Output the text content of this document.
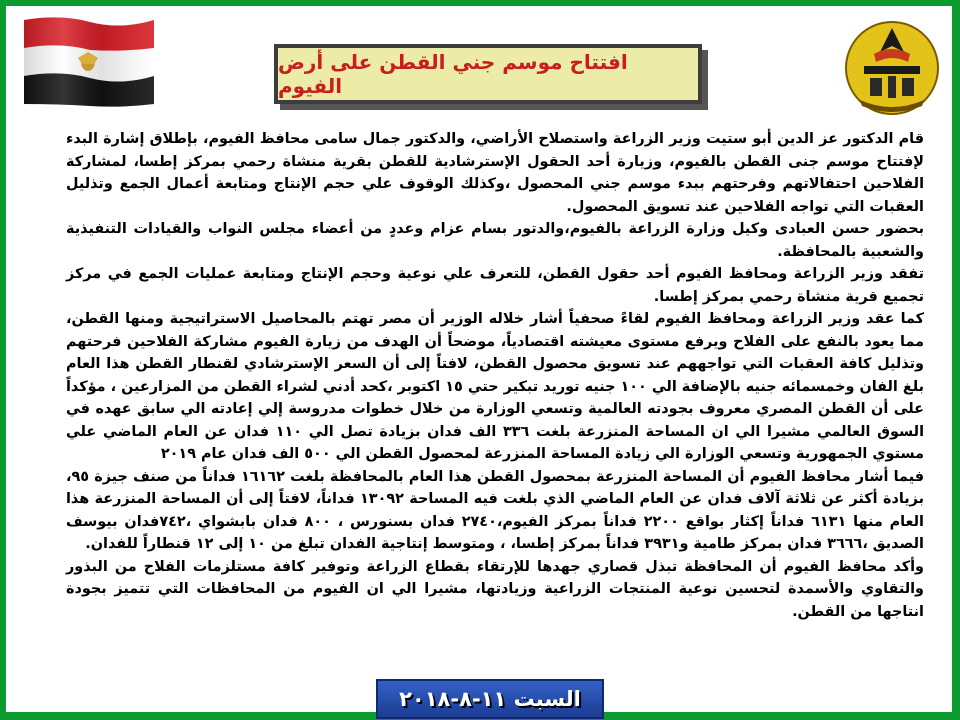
افتتاح موسم جني القطن على أرض الفيوم

قام الدكتور عز الدين أبو ستيت وزير الزراعة واستصلاح الأراضي، والدكتور جمال سامى محافظ الفيوم، بإطلاق إشارة البدء لإفتتاح موسم جنى القطن بالفيوم، وزيارة أحد الحقول الإسترشادية للقطن بقرية منشاة رحمي بمركز إطسا، لمشاركة الفلاحين احتفالاتهم وفرحتهم ببدء موسم جني المحصول ،وكذلك الوقوف علي حجم الإنتاج ومتابعة أعمال الجمع وتذليل العقبات التي تواجه الفلاحين عند تسويق المحصول.

بحضور حسن العبادى وكيل وزارة الزراعة بالفيوم،والدتور بسام عزام وعددٍ من أعضاء مجلس النواب والقيادات التنفيذية والشعبية بالمحافظة.

تفقد وزير الزراعة ومحافظ الفيوم أحد حقول القطن، للتعرف علي نوعية وحجم الإنتاج ومتابعة عمليات الجمع في مركز تجميع قرية منشاة رحمي بمركز إطسا.

كما عقد وزير الزراعة ومحافظ الفيوم لقاءً صحفياً أشار خلاله الوزير أن مصر تهتم بالمحاصيل الاستراتيجية ومنها القطن، مما يعود بالنفع على الفلاح ويرفع مستوى معيشته اقتصادياً، موضحاً أن الهدف من زيارة الفيوم مشاركة الفلاحين فرحتهم وتذليل كافة العقبات التي تواجههم عند تسويق محصول القطن، لافتاً إلى أن السعر الإسترشادي لقنطار القطن هذا العام بلغ الفان وخمسمائه جنيه بالإضافة الي ١٠٠ جنيه توريد تبكير حتي ١٥ اكتوبر ،كحد أدني لشراء القطن من المزارعين ، مؤكداً على أن القطن المصري معروف بجودته العالمية وتسعي الوزارة من خلال خطوات مدروسة إلي إعادته الي سابق عهده في السوق العالمي مشيرا الي ان المساحة المنزرعة بلغت ٣٣٦ الف فدان بزيادة تصل الي ١١٠ فدان عن العام الماضي علي مستوي الجمهورية وتسعي الوزارة الي زيادة المساحة المنزرعة لمحصول القطن الي ٥٠٠ الف فدان عام ٢٠١٩

فيما أشار محافظ الفيوم أن المساحة المنزرعة بمحصول القطن هذا العام بالمحافظة بلغت ١٦١٦٢ فداناً من صنف جيزة ٩٥، بزيادة أكثر عن ثلاثة آلاف فدان عن العام الماضي الذي بلغت فيه المساحة ١٣٠٩٢ فداناً، لافتاً إلى أن المساحة المنزرعة هذا العام منها ٦١٣١ فداناً إكثار بواقع ٢٢٠٠ فداناً بمركز الفيوم،٢٧٤٠ فدان بسنورس ، ٨٠٠ فدان بابشواي ،٧٤٢فدان بيوسف الصديق ،٣٦٦٦ فدان بمركز طامية و٣٩٣١ فداناً بمركز إطسا، ، ومتوسط إنتاجية الفدان تبلغ من ١٠ إلى ١٢ قنطاراً للفدان.

وأكد محافظ الفيوم أن المحافظة تبذل قصاري جهدها للإرتقاء بقطاع الزراعة وتوفير كافة مستلزمات الفلاح من البذور والتقاوي والأسمدة لتحسين نوعية المنتجات الزراعية وزيادتها، مشيرا الي ان الفيوم من المحافظات التي تتميز بجودة انتاجها من القطن.

السبت ١١-٨-٢٠١٨
